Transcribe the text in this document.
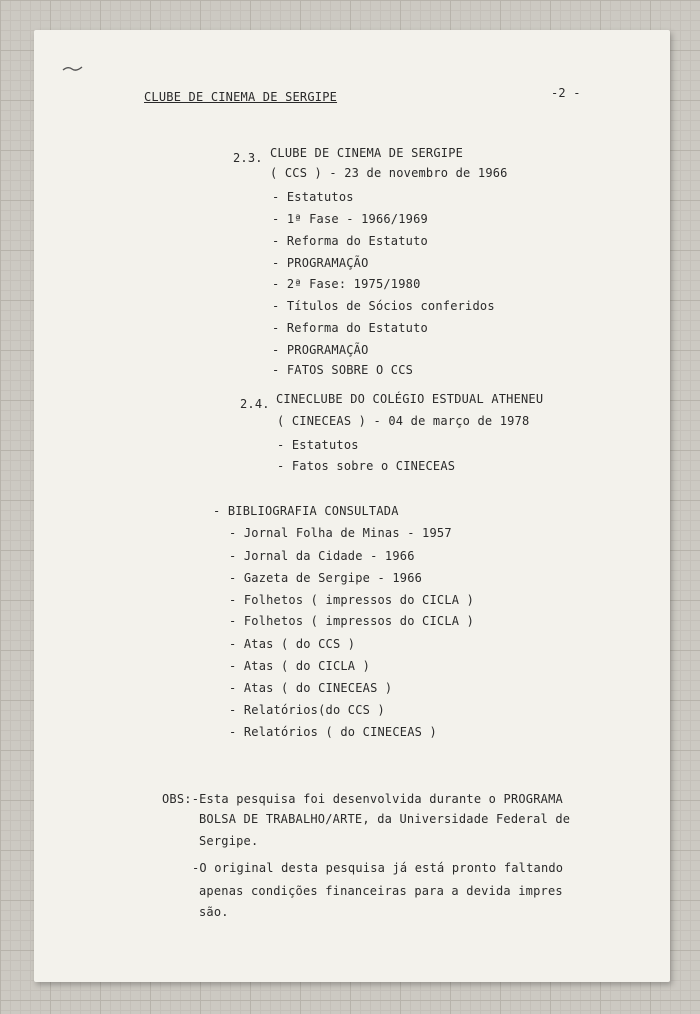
CLUBE DE CINEMA DE SERGIPE	-2 -
2.3. CLUBE DE CINEMA DE SERGIPE
( CCS ) - 23 de novembro de 1966
- Estatutos
- 1ª Fase - 1966/1969
- Reforma do Estatuto
- PROGRAMAÇÃO
- 2ª Fase: 1975/1980
- Títulos de Sócios conferidos
- Reforma do Estatuto
- PROGRAMAÇÃO
- FATOS SOBRE O CCS
2.4. CINECLUBE DO COLÉGIO ESTDUAL ATHENEU
( CINECEAS ) - 04 de março de 1978
- Estatutos
- Fatos sobre o CINECEAS
- BIBLIOGRAFIA CONSULTADA
- Jornal Folha de Minas - 1957
- Jornal da Cidade - 1966
- Gazeta de Sergipe - 1966
- Folhetos ( impressos do CICLA )
- Folhetos ( impressos do CICLA )
- Atas ( do CCS )
- Atas ( do CICLA )
- Atas ( do CINECEAS )
- Relatórios(do CCS )
- Relatórios ( do CINECEAS )
OBS:-Esta pesquisa foi desenvolvida durante o PROGRAMA
BOLSA DE TRABALHO/ARTE, da Universidade Federal de
Sergipe.
-O original desta pesquisa já está pronto faltando
apenas condições financeiras para a devida impres
são.
